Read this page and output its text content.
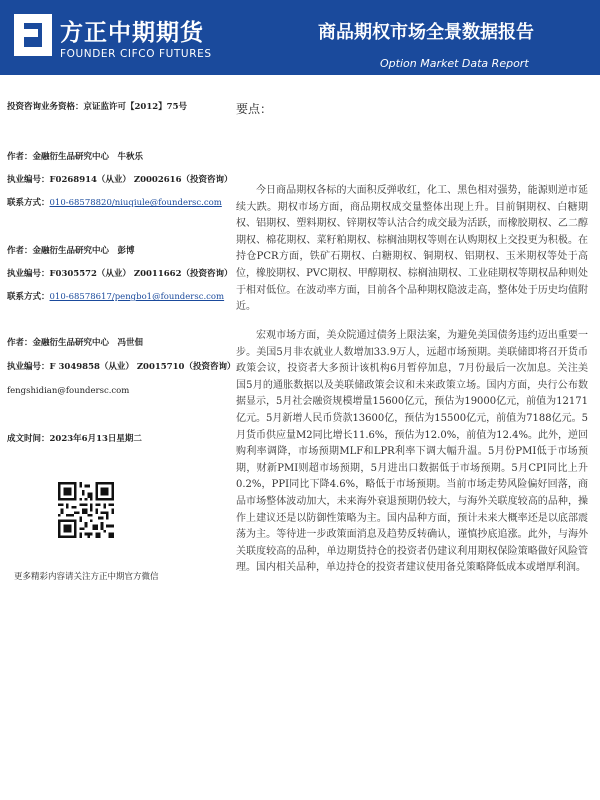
方正中期期货
FOUNDER CIFCO FUTURES
商品期权市场全景数据报告
Option Market Data Report
投资咨询业务资格：京证监许可【2012】75号
作者：金融衍生品研究中心　牛秋乐
执业编号：F0268914（从业） Z0002616（投资咨询）
联系方式：010-68578820/niuqiule@foundersc.com
作者：金融衍生品研究中心　彭博
执业编号：F0305572（从业） Z0011662（投资咨询）
联系方式：010-68578617/pengbo1@foundersc.com
作者：金融衍生品研究中心　冯世佃
执业编号：F 3049858（从业） Z0015710（投资咨询）
fengshidian@foundersc.com
成文时间：2023年6月13日星期二
更多精彩内容请关注方正中期官方微信
要点：

今日商品期权各标的大面积反弹收红，化工、黑色相对强势，能源则逆市延续大跌。期权市场方面，商品期权成交量整体出现上升。目前铜期权、白糖期权、铝期权、塑料期权、锌期权等认沽合约成交最为活跃，而橡胶期权、乙二醇期权、棉花期权、菜籽粕期权、棕榈油期权等则在认购期权上交投更为积极。在持仓PCR方面，铁矿石期权、白糖期权、铜期权、铝期权、玉米期权等处于高位，橡胶期权、PVC期权、甲醇期权、棕榈油期权、工业硅期权等期权品种则处于相对低位。在波动率方面，目前各个品种期权隐波走高，整体处于历史均值附近。

宏观市场方面，美众院通过债务上限法案，为避免美国债务违约迈出重要一步。美国5月非农就业人数增加33.9万人，远超市场预期。美联储即将召开货币政策会议，投资者大多预计该机构6月暂停加息，7月份最后一次加息。关注美国5月的通胀数据以及美联储政策会议和未来政策立场。国内方面，央行公布数据显示，5月社会融资规模增量15600亿元，预估为19000亿元，前值为12171亿元。5月新增人民币贷款13600亿，预估为15500亿元，前值为7188亿元。5月货币供应量M2同比增长11.6%，预估为12.0%，前值为12.4%。此外，逆回购利率调降，市场预期MLF和LPR利率下调大幅升温。5月份PMI低于市场预期，财新PMI则超市场预期，5月进出口数据低于市场预期。5月CPI同比上升0.2%，PPI同比下降4.6%，略低于市场预期。当前市场走势风险偏好回落，商品市场整体波动加大，未来海外衰退预期仍较大，与海外关联度较高的品种，操作上建议还是以防御性策略为主。国内品种方面，预计未来大概率还是以底部震荡为主。等待进一步政策面消息及趋势反转确认，谨慎抄底追涨。此外，与海外关联度较高的品种，单边期货持仓的投资者仍建议利用期权保险策略做好风险管理。国内相关品种，单边持仓的投资者建议使用备兑策略降低成本或增厚利润。
